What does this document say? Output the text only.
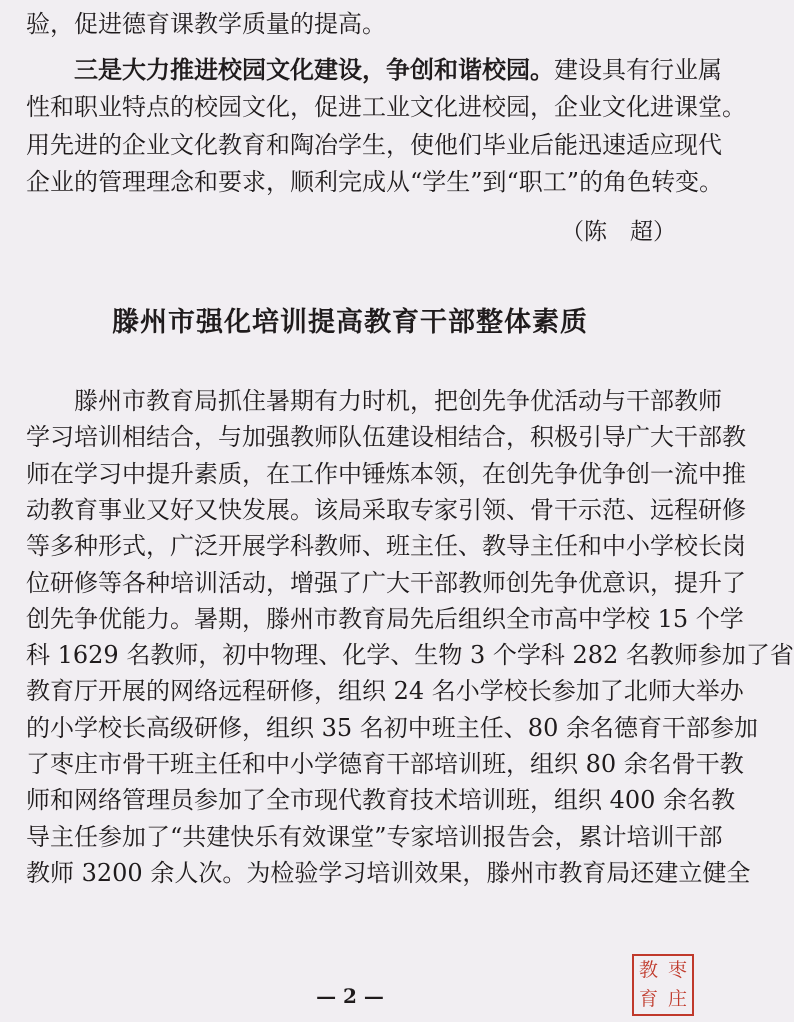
验，促进德育课教学质量的提高。
三是大力推进校园文化建设，争创和谐校园。建设具有行业属
性和职业特点的校园文化，促进工业文化进校园，企业文化进课堂。
用先进的企业文化教育和陶冶学生，使他们毕业后能迅速适应现代
企业的管理理念和要求，顺利完成从“学生”到“职工”的角色转变。
（陈　超）
滕州市强化培训提高教育干部整体素质
滕州市教育局抓住暑期有力时机，把创先争优活动与干部教师
学习培训相结合，与加强教师队伍建设相结合，积极引导广大干部教
师在学习中提升素质，在工作中锤炼本领，在创先争优争创一流中推
动教育事业又好又快发展。该局采取专家引领、骨干示范、远程研修
等多种形式，广泛开展学科教师、班主任、教导主任和中小学校长岗
位研修等各种培训活动，增强了广大干部教师创先争优意识，提升了
创先争优能力。暑期，滕州市教育局先后组织全市高中学校 15 个学
科 1629 名教师，初中物理、化学、生物 3 个学科 282 名教师参加了省
教育厅开展的网络远程研修，组织 24 名小学校长参加了北师大举办
的小学校长高级研修，组织 35 名初中班主任、80 余名德育干部参加
了枣庄市骨干班主任和中小学德育干部培训班，组织 80 余名骨干教
师和网络管理员参加了全市现代教育技术培训班，组织 400 余名教
导主任参加了“共建快乐有效课堂”专家培训报告会，累计培训干部
教师 3200 余人次。为检验学习培训效果，滕州市教育局还建立健全
— 2 —
教 枣
育 庄
